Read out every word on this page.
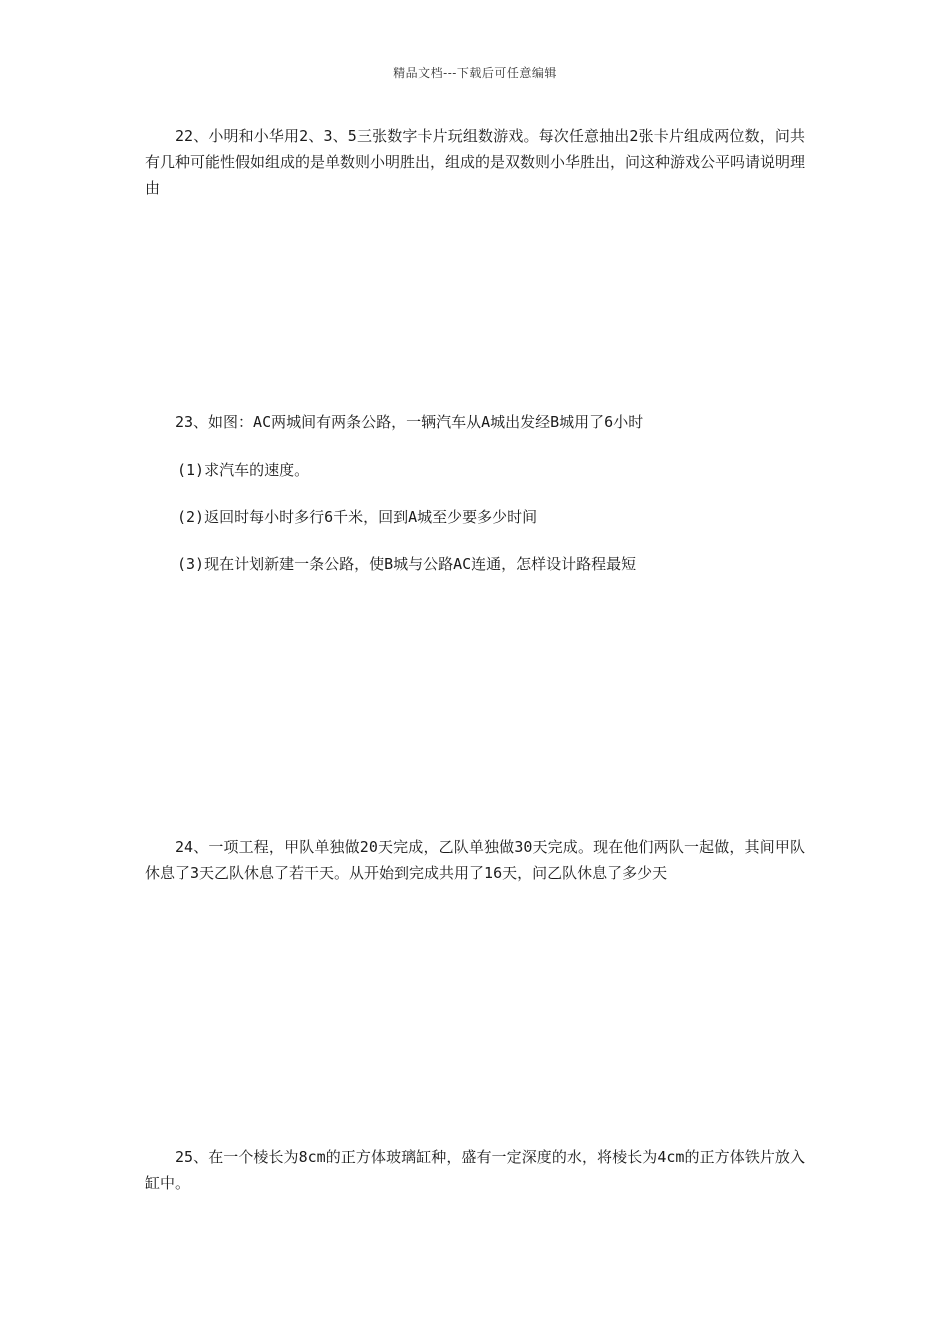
精品文档---下载后可任意编辑

22、小明和小华用2、3、5三张数字卡片玩组数游戏。每次任意抽出2张卡片组成两位数，问共有几种可能性假如组成的是单数则小明胜出，组成的是双数则小华胜出，问这种游戏公平吗请说明理由

23、如图：AC两城间有两条公路，一辆汽车从A城出发经B城用了6小时

(1)求汽车的速度。

(2)返回时每小时多行6千米，回到A城至少要多少时间

(3)现在计划新建一条公路，使B城与公路AC连通，怎样设计路程最短

24、一项工程，甲队单独做20天完成，乙队单独做30天完成。现在他们两队一起做，其间甲队休息了3天乙队休息了若干天。从开始到完成共用了16天，问乙队休息了多少天

25、在一个棱长为8cm的正方体玻璃缸种，盛有一定深度的水，将棱长为4cm的正方体铁片放入缸中。
